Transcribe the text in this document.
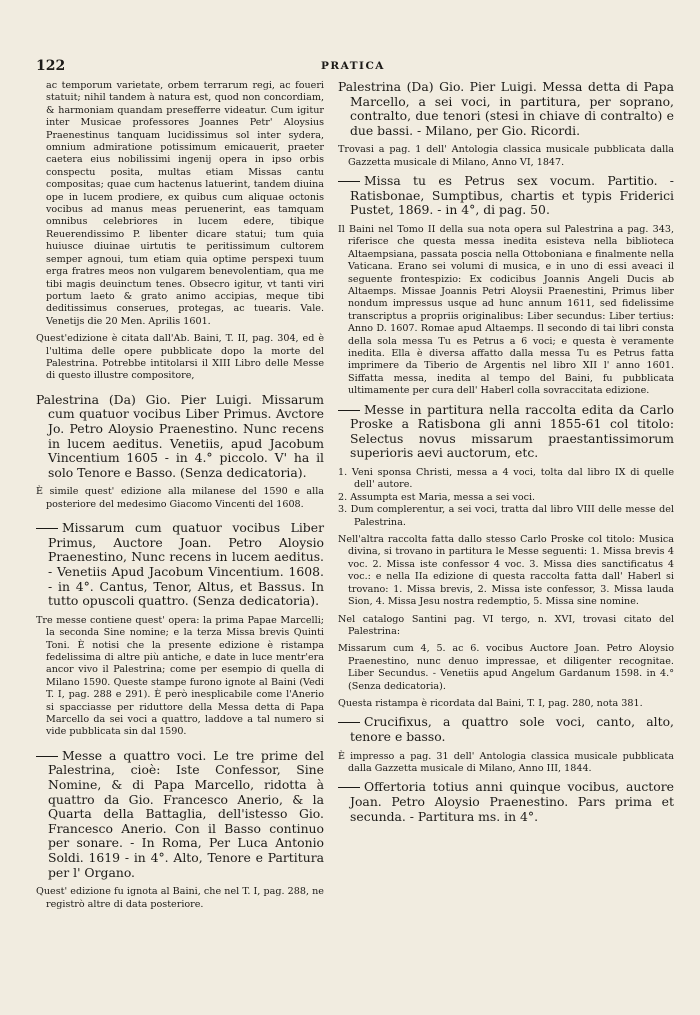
122	PRATICA

ac temporum varietate, orbem terrarum regi, ac foueri statuit; nihil tandem à natura est, quod non concordiam, & harmoniam quandam presefferre videatur. Cum igitur inter Musicae professores Joannes Petr' Aloysius Praenestinus tanquam lucidissimus sol inter sydera, omnium admiratione potissimum emicauerit, praeter caetera eius nobilissimi ingenij opera in ipso orbis conspectu posita, multas etiam Missas cantu compositas; quae cum hactenus latuerint, tandem diuina ope in lucem prodiere, ex quibus cum aliquae octonis vocibus ad manus meas peruenerint, eas tamquam omnibus celebriores in lucem edere, tibique Reuerendissimo P. libenter dicare statui; tum quia huiusce diuinae uirtutis te peritissimum cultorem semper agnoui, tum etiam quia optime perspexi tuum erga fratres meos non vulgarem benevolentiam, qua me tibi magis deuinctum tenes. Obsecro igitur, vt tanti viri portum laeto & grato animo accipias, meque tibi deditissimus conserues, protegas, ac tuearis. Vale. Venetijs die 20 Men. Aprilis 1601.

Quest'edizione è citata dall'Ab. Baini, T. II, pag. 304, ed è l'ultima delle opere pubblicate dopo la morte del Palestrina. Potrebbe intitolarsi il XIII Libro delle Messe di questo illustre compositore,

Palestrina (Da) Gio. Pier Luigi. Missarum cum quatuor vocibus Liber Primus. Avctore Jo. Petro Aloysio Praenestino. Nunc recens in lucem aeditus. Venetiis, apud Jacobum Vincentium 1605 - in 4.° piccolo. V' ha il solo Tenore e Basso. (Senza dedicatoria).

È simile quest' edizione alla milanese del 1590 e alla posteriore del medesimo Giacomo Vincenti del 1608.

Missarum cum quatuor vocibus Liber Primus, Auctore Joan. Petro Aloysio Praenestino, Nunc recens in lucem aeditus. - Venetiis Apud Jacobum Vincentium. 1608. - in 4°. Cantus, Tenor, Altus, et Bassus. In tutto opuscoli quattro. (Senza dedicatoria).

Tre messe contiene quest' opera: la prima Papae Marcelli; la seconda Sine nomine; e la terza Missa brevis Quinti Toni. È notisi che la presente edizione è ristampa fedelissima di altre più antiche, e date in luce mentr'era ancor vivo il Palestrina; come per esempio di quella di Milano 1590. Queste stampe furono ignote al Baini (Vedi T. I, pag. 288 e 291). È però inesplicabile come l'Anerio si spacciasse per riduttore della Messa detta di Papa Marcello da sei voci a quattro, laddove a tal numero si vide pubblicata sin dal 1590.

Messe a quattro voci. Le tre prime del Palestrina, cioè: Iste Confessor, Sine Nomine, & di Papa Marcello, ridotta à quattro da Gio. Francesco Anerio, & la Quarta della Battaglia, dell'istesso Gio. Francesco Anerio. Con il Basso continuo per sonare. - In Roma, Per Luca Antonio Soldi. 1619 - in 4°. Alto, Tenore e Partitura per l' Organo.

Quest' edizione fu ignota al Baini, che nel T. I, pag. 288, ne registrò altre di data posteriore.

Palestrina (Da) Gio. Pier Luigi. Messa detta di Papa Marcello, a sei voci, in partitura, per soprano, contralto, due tenori (stesi in chiave di contralto) e due bassi. - Milano, per Gio. Ricordi.

Trovasi a pag. 1 dell' Antologia classica musicale pubblicata dalla Gazzetta musicale di Milano, Anno VI, 1847.

Missa tu es Petrus sex vocum. Partitio. - Ratisbonae, Sumptibus, chartis et typis Friderici Pustet, 1869. - in 4°, di pag. 50.

Il Baini nel Tomo II della sua nota opera sul Palestrina a pag. 343, riferisce che questa messa inedita esisteva nella biblioteca Altaempsiana, passata poscia nella Ottoboniana e finalmente nella Vaticana. Erano sei volumi di musica, e in uno di essi aveaci il seguente frontespizio: Ex codicibus Joannis Angeli Ducis ab Altaemps. Missae Joannis Petri Aloysii Praenestini, Primus liber nondum impressus usque ad hunc annum 1611, sed fidelissime transcriptus a propriis originalibus: Liber secundus: Liber tertius: Anno D. 1607. Romae apud Altaemps. Il secondo di tai libri consta della sola messa Tu es Petrus a 6 voci; e questa è veramente inedita. Ella è diversa affatto dalla messa Tu es Petrus fatta imprimere da Tiberio de Argentis nel libro XII l' anno 1601. Siffatta messa, inedita al tempo del Baini, fu pubblicata ultimamente per cura dell' Haberl colla sovraccitata edizione.

Messe in partitura nella raccolta edita da Carlo Proske a Ratisbona gli anni 1855-61 col titolo: Selectus novus missarum praestantissimorum superioris aevi auctorum, etc.

1. Veni sponsa Christi, messa a 4 voci, tolta dal libro IX di quelle dell' autore.
2. Assumpta est Maria, messa a sei voci.
3. Dum complerentur, a sei voci, tratta dal libro VIII delle messe del Palestrina.

Nell'altra raccolta fatta dallo stesso Carlo Proske col titolo: Musica divina, si trovano in partitura le Messe seguenti: 1. Missa brevis 4 voc. 2. Missa iste confessor 4 voc. 3. Missa dies sanctificatus 4 voc.: e nella IIa edizione di questa raccolta fatta dall' Haberl si trovano: 1. Missa brevis, 2. Missa iste confessor, 3. Missa lauda Sion, 4. Missa Jesu nostra redemptio, 5. Missa sine nomine.

Nel catalogo Santini pag. VI tergo, n. XVI, trovasi citato del Palestrina:

Missarum cum 4, 5. ac 6. vocibus Auctore Joan. Petro Aloysio Praenestino, nunc denuo impressae, et diligenter recognitae. Liber Secundus. - Venetiis apud Angelum Gardanum 1598. in 4.° (Senza dedicatoria).

Questa ristampa è ricordata dal Baini, T. I, pag. 280, nota 381.

Crucifixus, a quattro sole voci, canto, alto, tenore e basso.

È impresso a pag. 31 dell' Antologia classica musicale pubblicata dalla Gazzetta musicale di Milano, Anno III, 1844.

Offertoria totius anni quinque vocibus, auctore Joan. Petro Aloysio Praenestino. Pars prima et secunda. - Partitura ms. in 4°.
